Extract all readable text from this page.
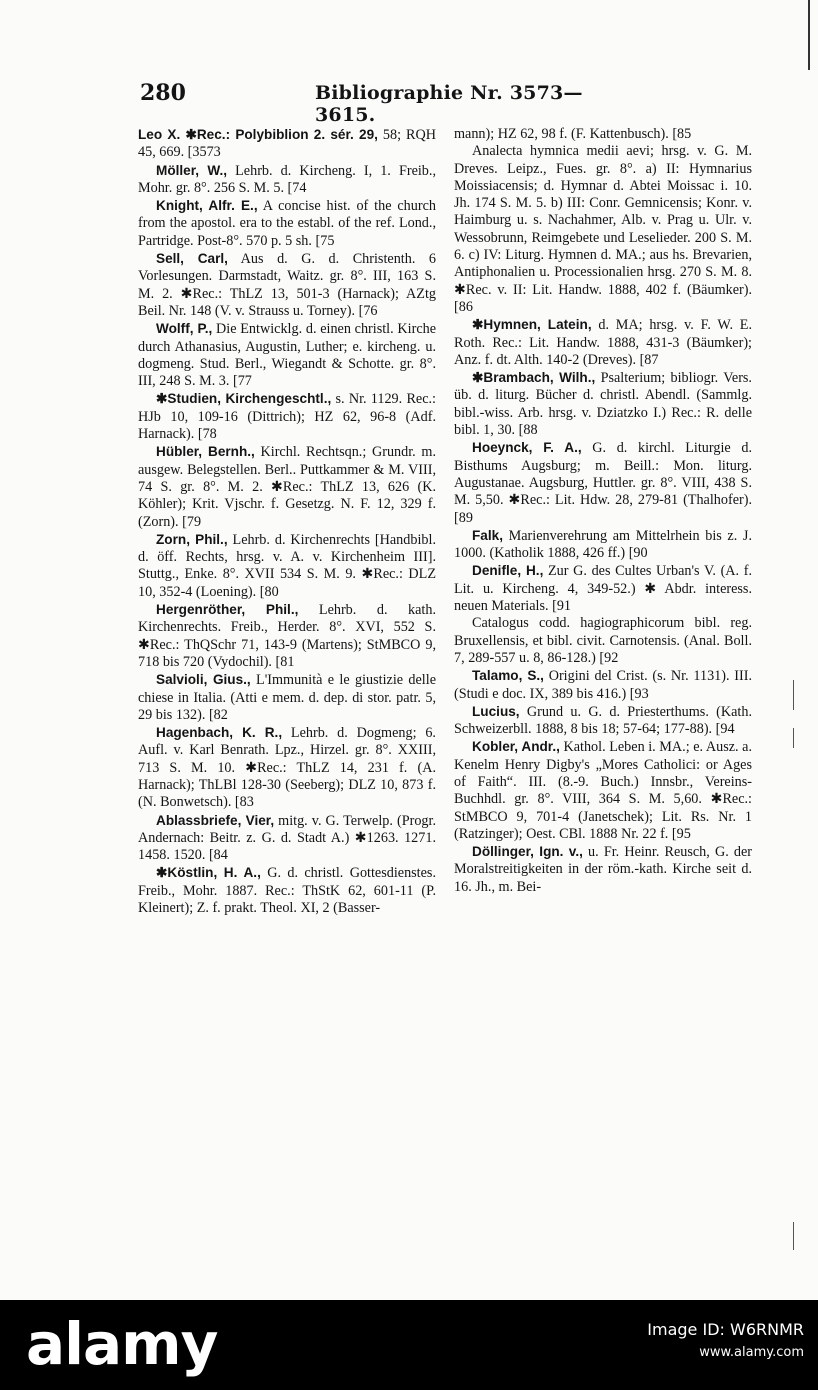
280	Bibliographie Nr. 3573—3615.

Leo X. ✱Rec.: Polybiblion 2. sér. 29, 58; RQH 45, 669. [3573

Möller, W., Lehrb. d. Kircheng. I, 1. Freib., Mohr. gr. 8°. 256 S. M. 5. [74

Knight, Alfr. E., A concise hist. of the church from the apostol. era to the establ. of the ref. Lond., Partridge. Post-8°. 570 p. 5 sh. [75

Sell, Carl, Aus d. G. d. Christenth. 6 Vorlesungen. Darmstadt, Waitz. gr. 8°. III, 163 S. M. 2. ✱Rec.: ThLZ 13, 501-3 (Harnack); AZtg Beil. Nr. 148 (V. v. Strauss u. Torney). [76

Wolff, P., Die Entwicklg. d. einen christl. Kirche durch Athanasius, Augustin, Luther; e. kircheng. u. dogmeng. Stud. Berl., Wiegandt & Schotte. gr. 8°. III, 248 S. M. 3. [77

✱Studien, Kirchengeschtl., s. Nr. 1129. Rec.: HJb 10, 109-16 (Dittrich); HZ 62, 96-8 (Adf. Harnack). [78

Hübler, Bernh., Kirchl. Rechtsqn.; Grundr. m. ausgew. Belegstellen. Berl.. Puttkammer & M. VIII, 74 S. gr. 8°. M. 2. ✱Rec.: ThLZ 13, 626 (K. Köhler); Krit. Vjschr. f. Gesetzg. N. F. 12, 329 f. (Zorn). [79

Zorn, Phil., Lehrb. d. Kirchenrechts [Handbibl. d. öff. Rechts, hrsg. v. A. v. Kirchenheim III]. Stuttg., Enke. 8°. XVII 534 S. M. 9. ✱Rec.: DLZ 10, 352-4 (Loening). [80

Hergenröther, Phil., Lehrb. d. kath. Kirchenrechts. Freib., Herder. 8°. XVI, 552 S. ✱Rec.: ThQSchr 71, 143-9 (Martens); StMBCO 9, 718 bis 720 (Vydochil). [81

Salvioli, Gius., L'Immunità e le giustizie delle chiese in Italia. (Atti e mem. d. dep. di stor. patr. 5, 29 bis 132). [82

Hagenbach, K. R., Lehrb. d. Dogmeng; 6. Aufl. v. Karl Benrath. Lpz., Hirzel. gr. 8°. XXIII, 713 S. M. 10. ✱Rec.: ThLZ 14, 231 f. (A. Harnack); ThLBl 128-30 (Seeberg); DLZ 10, 873 f. (N. Bonwetsch). [83

Ablassbriefe, Vier, mitg. v. G. Terwelp. (Progr. Andernach: Beitr. z. G. d. Stadt A.) ✱1263. 1271. 1458. 1520. [84

✱Köstlin, H. A., G. d. christl. Gottesdienstes. Freib., Mohr. 1887. Rec.: ThStK 62, 601-11 (P. Kleinert); Z. f. prakt. Theol. XI, 2 (Basser-

mann); HZ 62, 98 f. (F. Kattenbusch). [85

Analecta hymnica medii aevi; hrsg. v. G. M. Dreves. Leipz., Fues. gr. 8°. a) II: Hymnarius Moissiacensis; d. Hymnar d. Abtei Moissac i. 10. Jh. 174 S. M. 5. b) III: Conr. Gemnicensis; Konr. v. Haimburg u. s. Nachahmer, Alb. v. Prag u. Ulr. v. Wessobrunn, Reimgebete und Leselieder. 200 S. M. 6. c) IV: Liturg. Hymnen d. MA.; aus hs. Brevarien, Antiphonalien u. Processionalien hrsg. 270 S. M. 8. ✱Rec. v. II: Lit. Handw. 1888, 402 f. (Bäumker). [86

✱Hymnen, Latein, d. MA; hrsg. v. F. W. E. Roth. Rec.: Lit. Handw. 1888, 431-3 (Bäumker); Anz. f. dt. Alth. 140-2 (Dreves). [87

✱Brambach, Wilh., Psalterium; bibliogr. Vers. üb. d. liturg. Bücher d. christl. Abendl. (Sammlg. bibl.-wiss. Arb. hrsg. v. Dziatzko I.) Rec.: R. delle bibl. 1, 30. [88

Hoeynck, F. A., G. d. kirchl. Liturgie d. Bisthums Augsburg; m. Beill.: Mon. liturg. Augustanae. Augsburg, Huttler. gr. 8°. VIII, 438 S. M. 5,50. ✱Rec.: Lit. Hdw. 28, 279-81 (Thalhofer). [89

Falk, Marienverehrung am Mittelrhein bis z. J. 1000. (Katholik 1888, 426 ff.) [90

Denifle, H., Zur G. des Cultes Urban's V. (A. f. Lit. u. Kircheng. 4, 349-52.) ✱ Abdr. interess. neuen Materials. [91

Catalogus codd. hagiographicorum bibl. reg. Bruxellensis, et bibl. civit. Carnotensis. (Anal. Boll. 7, 289-557 u. 8, 86-128.) [92

Talamo, S., Origini del Crist. (s. Nr. 1131). III. (Studi e doc. IX, 389 bis 416.) [93

Lucius, Grund u. G. d. Priesterthums. (Kath. Schweizerbll. 1888, 8 bis 18; 57-64; 177-88). [94

Kobler, Andr., Kathol. Leben i. MA.; e. Ausz. a. Kenelm Henry Digby's „Mores Catholici: or Ages of Faith“. III. (8.-9. Buch.) Innsbr., Vereins-Buchhdl. gr. 8°. VIII, 364 S. M. 5,60. ✱Rec.: StMBCO 9, 701-4 (Janetschek); Lit. Rs. Nr. 1 (Ratzinger); Oest. CBl. 1888 Nr. 22 f. [95

Döllinger, Ign. v., u. Fr. Heinr. Reusch, G. der Moralstreitigkeiten in der röm.-kath. Kirche seit d. 16. Jh., m. Bei-

alamy	Image ID: W6RNMR
www.alamy.com
